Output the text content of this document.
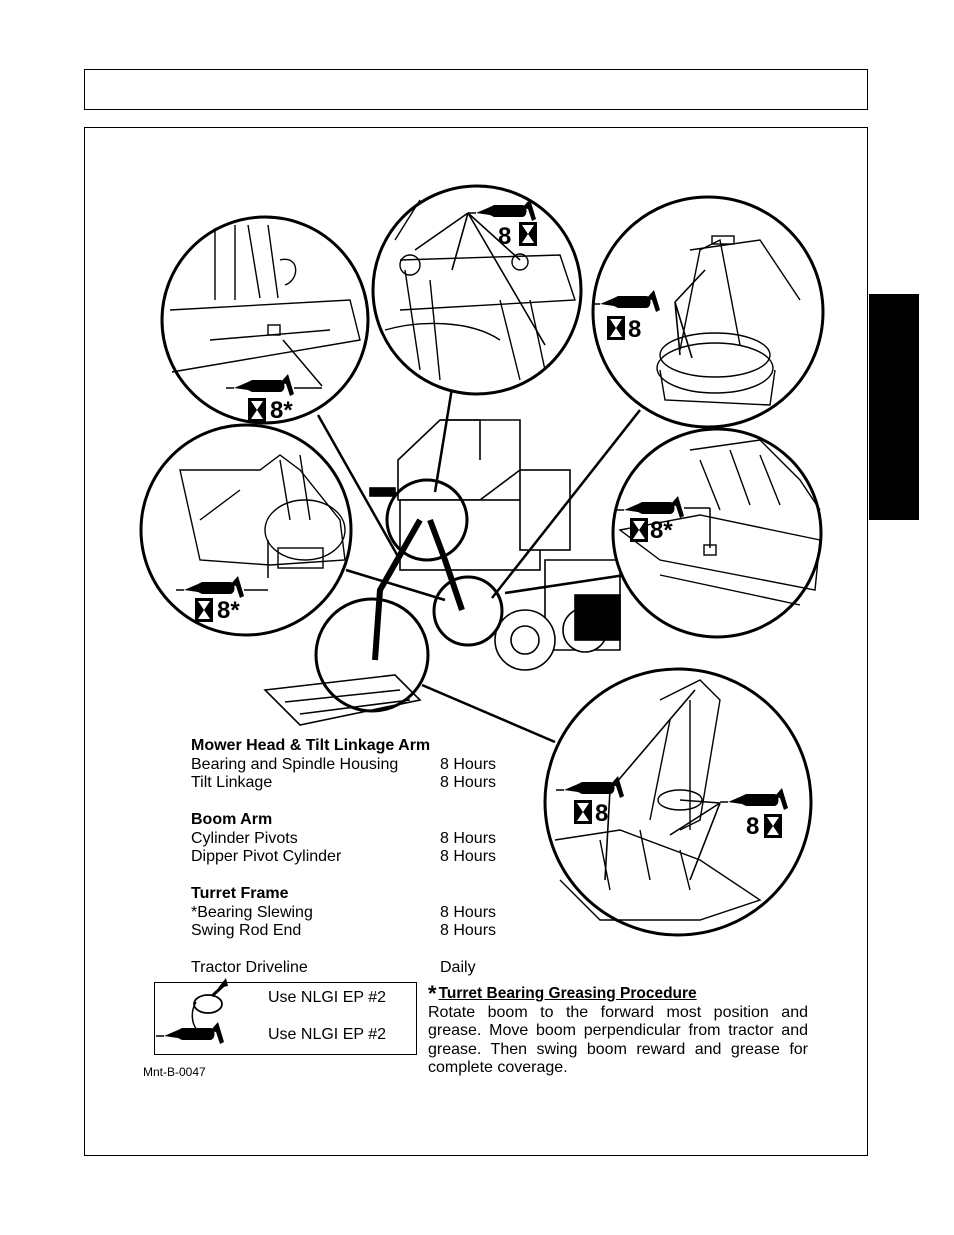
8*
8
8
8*
8*
8	8
Mower Head & Tilt Linkage Arm
Bearing and Spindle Housing	8 Hours
Tilt Linkage	8 Hours
Boom Arm
Cylinder Pivots	8 Hours
Dipper Pivot Cylinder	8 Hours
Turret Frame
*Bearing Slewing	8 Hours
Swing Rod End	8 Hours
Tractor Driveline	Daily
Use NLGI EP #2
Use NLGI EP #2
Mnt-B-0047
* Turret Bearing Greasing Procedure
Rotate boom to the forward most position and grease. Move boom perpendicular from tractor and grease. Then swing boom reward and grease for complete coverage.
